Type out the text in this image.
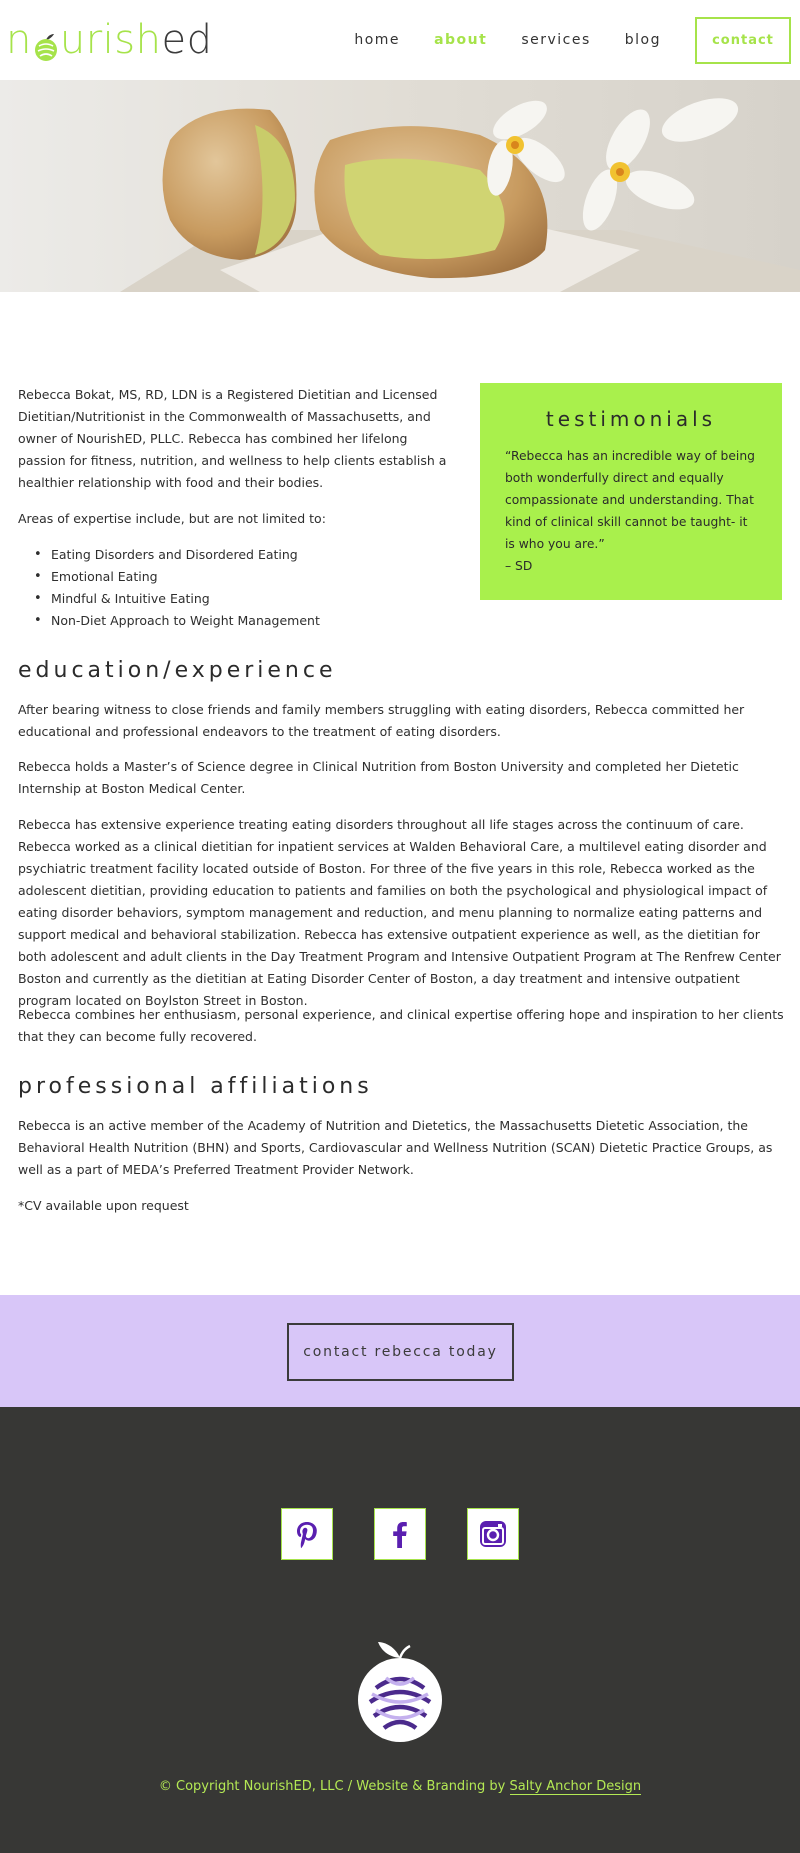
n urish ed	home about services blog	contact

Rebecca Bokat, MS, RD, LDN is a Registered Dietitian and Licensed Dietitian/Nutritionist in the Commonwealth of Massachusetts, and owner of NourishED, PLLC. Rebecca has combined her lifelong passion for fitness, nutrition, and wellness to help clients establish a healthier relationship with food and their bodies.

Areas of expertise include, but are not limited to:

• Eating Disorders and Disordered Eating
• Emotional Eating
• Mindful & Intuitive Eating
• Non-Diet Approach to Weight Management
testimonials

“Rebecca has an incredible way of being both wonderfully direct and equally compassionate and understanding. That kind of clinical skill cannot be taught- it is who you are.”

– SD

education/experience

After bearing witness to close friends and family members struggling with eating disorders, Rebecca committed her educational and professional endeavors to the treatment of eating disorders.

Rebecca holds a Master’s of Science degree in Clinical Nutrition from Boston University and completed her Dietetic Internship at Boston Medical Center.

Rebecca has extensive experience treating eating disorders throughout all life stages across the continuum of care. Rebecca worked as a clinical dietitian for inpatient services at Walden Behavioral Care, a multilevel eating disorder and psychiatric treatment facility located outside of Boston. For three of the five years in this role, Rebecca worked as the adolescent dietitian, providing education to patients and families on both the psychological and physiological impact of eating disorder behaviors, symptom management and reduction, and menu planning to normalize eating patterns and support medical and behavioral stabilization. Rebecca has extensive outpatient experience as well, as the dietitian for both adolescent and adult clients in the Day Treatment Program and Intensive Outpatient Program at The Renfrew Center Boston and currently as the dietitian at Eating Disorder Center of Boston, a day treatment and intensive outpatient program located on Boylston Street in Boston.

Rebecca combines her enthusiasm, personal experience, and clinical expertise offering hope and inspiration to her clients that they can become fully recovered.

professional affiliations

Rebecca is an active member of the Academy of Nutrition and Dietetics, the Massachusetts Dietetic Association, the Behavioral Health Nutrition (BHN) and Sports, Cardiovascular and Wellness Nutrition (SCAN) Dietetic Practice Groups, as well as a part of MEDA’s Preferred Treatment Provider Network.

*CV available upon request

contact rebecca today

© Copyright NourishED, LLC / Website & Branding by Salty Anchor Design
